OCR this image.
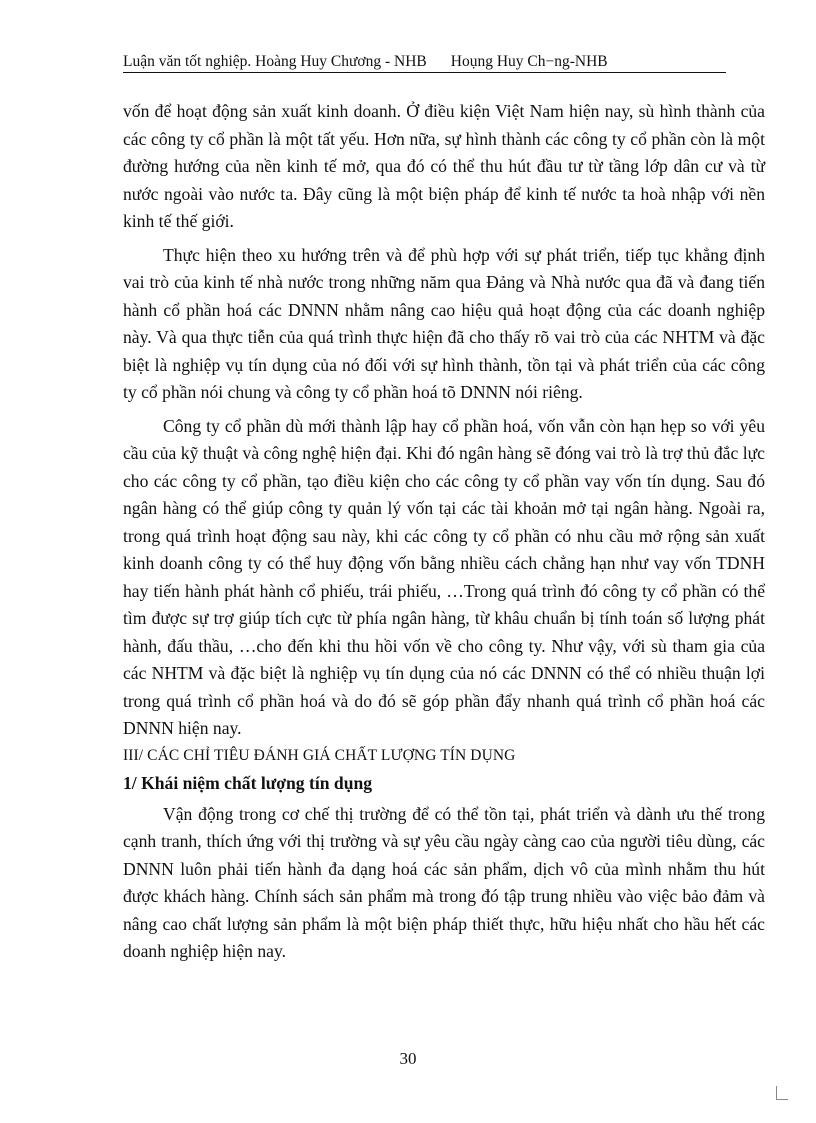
Luận văn tốt nghiệp. Hoàng Huy Chương - NHB Hoụng Huy Ch−ng-NHB

vốn để hoạt động sản xuất kinh doanh. Ở điều kiện Việt Nam hiện nay, sù hình thành của các công ty cổ phần là một tất yếu. Hơn nữa, sự hình thành các công ty cổ phần còn là một đường hướng của nền kinh tế mở, qua đó có thể thu hút đầu tư từ tầng lớp dân cư và từ nước ngoài vào nước ta. Đây cũng là một biện pháp để kinh tế nước ta hoà nhập với nền kinh tế thế giới.

Thực hiện theo xu hướng trên và để phù hợp với sự phát triển, tiếp tục khẳng định vai trò của kinh tế nhà nước trong những năm qua Đảng và Nhà nước qua đã và đang tiến hành cổ phần hoá các DNNN nhằm nâng cao hiệu quả hoạt động của các doanh nghiệp này. Và qua thực tiễn của quá trình thực hiện đã cho thấy rõ vai trò của các NHTM và đặc biệt là nghiệp vụ tín dụng của nó đối với sự hình thành, tồn tại và phát triển của các công ty cổ phần nói chung và công ty cổ phần hoá tõ DNNN nói riêng.

Công ty cổ phần dù mới thành lập hay cổ phần hoá, vốn vẫn còn hạn hẹp so với yêu cầu của kỹ thuật và công nghệ hiện đại. Khi đó ngân hàng sẽ đóng vai trò là trợ thủ đắc lực cho các công ty cổ phần, tạo điều kiện cho các công ty cổ phần vay vốn tín dụng. Sau đó ngân hàng có thể giúp công ty quản lý vốn tại các tài khoản mở tại ngân hàng. Ngoài ra, trong quá trình hoạt động sau này, khi các công ty cổ phần có nhu cầu mở rộng sản xuất kinh doanh công ty có thể huy động vốn bằng nhiều cách chẳng hạn như vay vốn TDNH hay tiến hành phát hành cổ phiếu, trái phiếu, …Trong quá trình đó công ty cổ phần có thể tìm được sự trợ giúp tích cực từ phía ngân hàng, từ khâu chuẩn bị tính toán số lượng phát hành, đấu thầu, …cho đến khi thu hồi vốn về cho công ty. Như vậy, với sù tham gia của các NHTM và đặc biệt là nghiệp vụ tín dụng của nó các DNNN có thể có nhiều thuận lợi trong quá trình cổ phần hoá và do đó sẽ góp phần đẩy nhanh quá trình cổ phần hoá các DNNN hiện nay.

III/ CÁC CHỈ TIÊU ĐÁNH GIÁ CHẤT LƯỢNG TÍN DỤNG

1/ Khái niệm chất lượng tín dụng

Vận động trong cơ chế thị trường để có thể tồn tại, phát triển và dành ưu thế trong cạnh tranh, thích ứng với thị trường và sự yêu cầu ngày càng cao của người tiêu dùng, các DNNN luôn phải tiến hành đa dạng hoá các sản phẩm, dịch vô của mình nhằm thu hút được khách hàng. Chính sách sản phẩm mà trong đó tập trung nhiều vào việc bảo đảm và nâng cao chất lượng sản phẩm là một biện pháp thiết thực, hữu hiệu nhất cho hầu hết các doanh nghiệp hiện nay.

30
